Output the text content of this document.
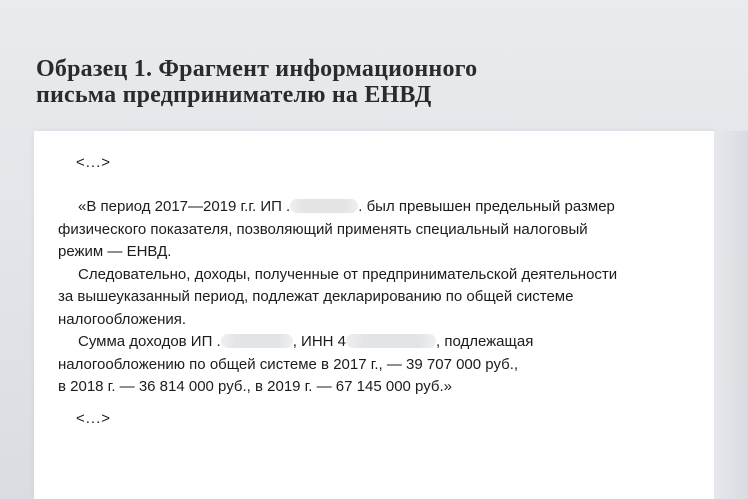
Образец 1. Фрагмент информационного
письма предпринимателю на ЕНВД
<...>
«В период 2017—2019 г.г. ИП .	. был превышен предельный размер
физического показателя, позволяющий применять специальный налоговый
режим — ЕНВД.
Следовательно, доходы, полученные от предпринимательской деятельности
за вышеуказанный период, подлежат декларированию по общей системе
налогообложения.
Сумма доходов ИП .	, ИНН 4	, подлежащая
налогообложению по общей системе в 2017 г., — 39 707 000 руб.,
в 2018 г. — 36 814 000 руб., в 2019 г. — 67 145 000 руб.»
<...>
